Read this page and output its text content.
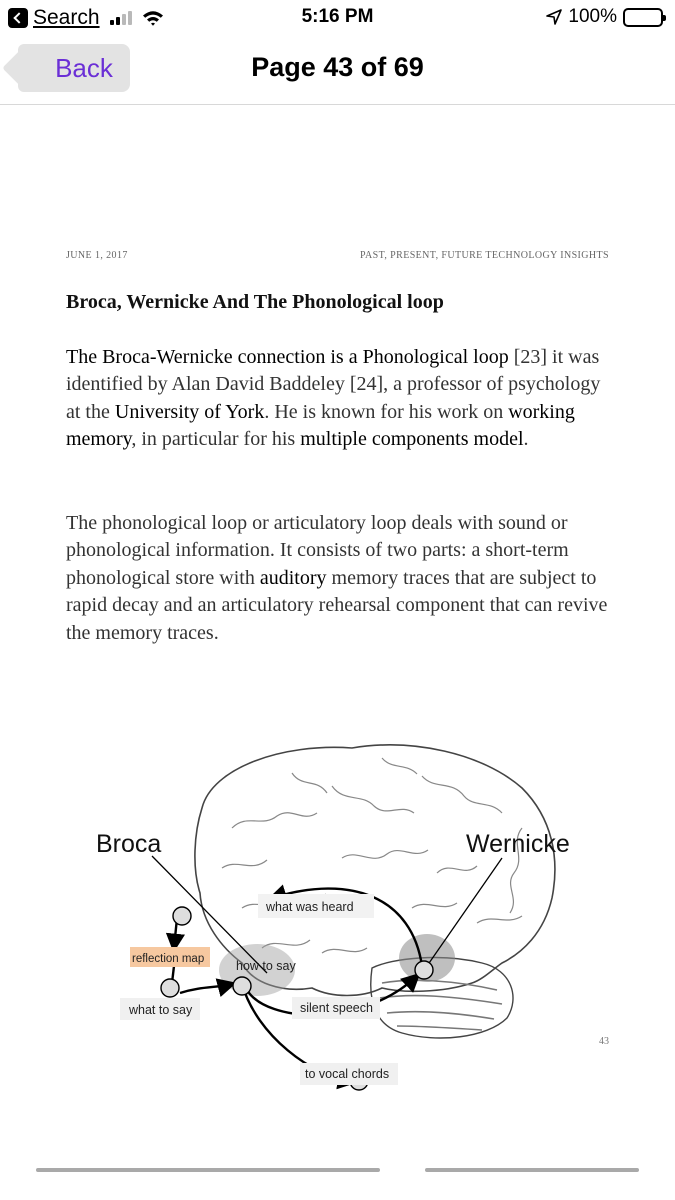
Search	5:16 PM	100%
Back	Page 43 of 69
JUNE 1, 2017	PAST, PRESENT, FUTURE TECHNOLOGY INSIGHTS
Broca, Wernicke And The Phonological loop
The Broca-Wernicke connection is a Phonological loop [23] it was identified by Alan David Baddeley [24], a professor of psychology at the University of York. He is known for his work on working memory, in particular for his multiple components model.
The phonological loop or articulatory loop deals with sound or phonological information. It consists of two parts: a short-term phonological store with auditory memory traces that are subject to rapid decay and an articulatory rehearsal component that can revive the memory traces.
Broca	Wernicke
what was heard
reflection map	how to say
what to say	silent speech
to vocal chords
43
